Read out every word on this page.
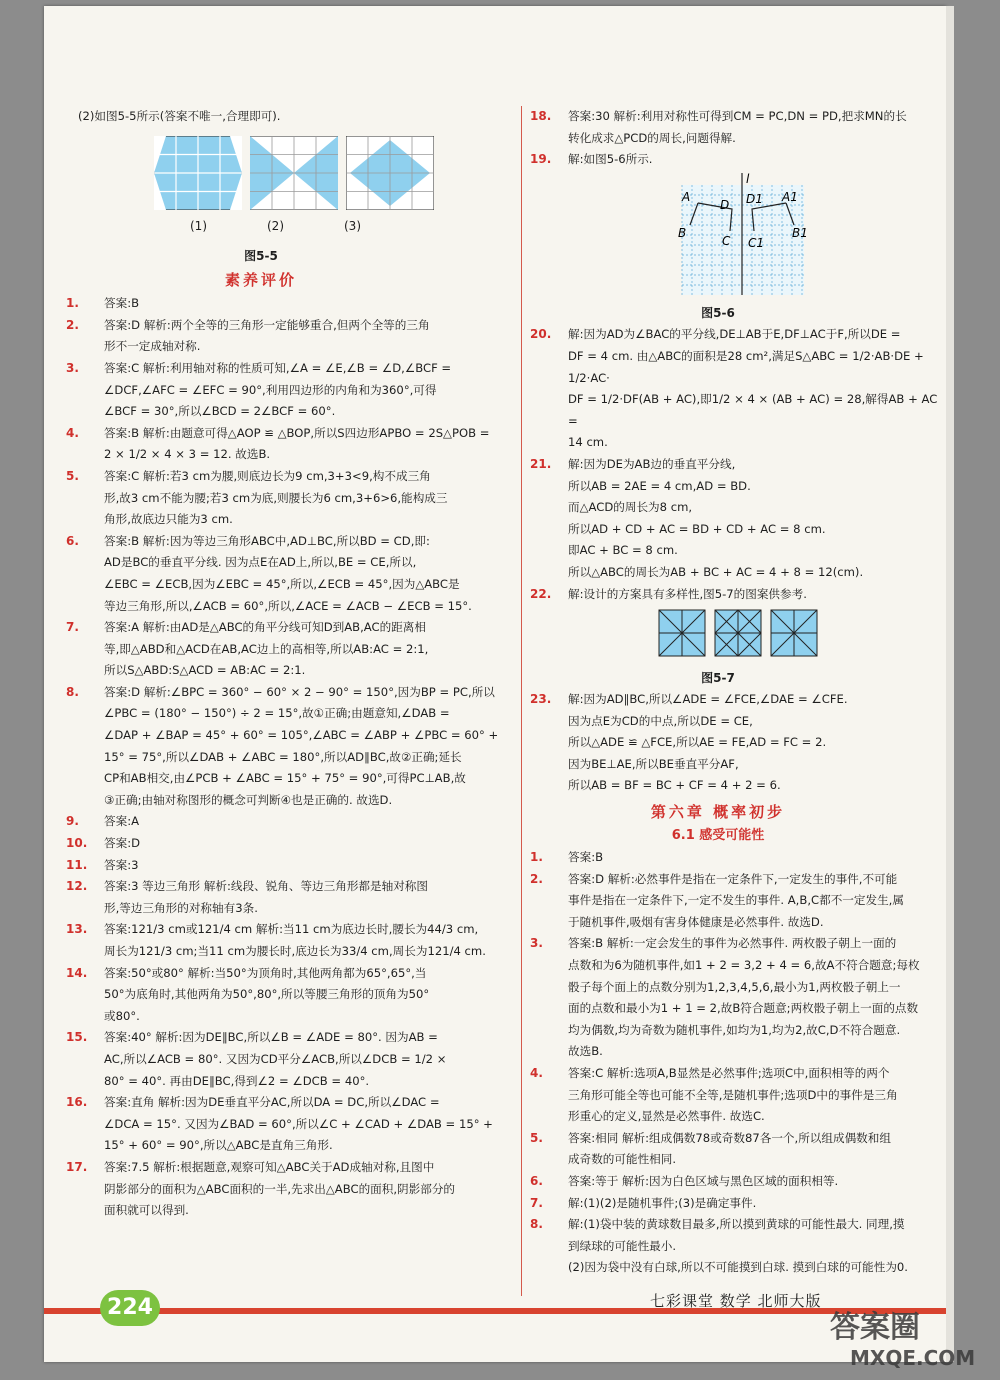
(2)如图5-5所示(答案不唯一,合理即可).
(1)	(2)	(3)
图5-5
素养评价
1. 答案:B
2. 答案:D 解析:两个全等的三角形一定能够重合,但两个全等的三角
形不一定成轴对称.
3. 答案:C 解析:利用轴对称的性质可知,∠A = ∠E,∠B = ∠D,∠BCF =
∠DCF,∠AFC = ∠EFC = 90°,利用四边形的内角和为360°,可得
∠BCF = 30°,所以∠BCD = 2∠BCF = 60°.
4. 答案:B 解析:由题意可得△AOP ≌ △BOP,所以S四边形APBO = 2S△POB =
2 × 1/2 × 4 × 3 = 12. 故选B.
5. 答案:C 解析:若3 cm为腰,则底边长为9 cm,3+3<9,构不成三角
形,故3 cm不能为腰;若3 cm为底,则腰长为6 cm,3+6>6,能构成三
角形,故底边只能为3 cm.
6. 答案:B 解析:因为等边三角形ABC中,AD⊥BC,所以BD = CD,即:
AD是BC的垂直平分线. 因为点E在AD上,所以,BE = CE,所以,
∠EBC = ∠ECB,因为∠EBC = 45°,所以,∠ECB = 45°,因为△ABC是
等边三角形,所以,∠ACB = 60°,所以,∠ACE = ∠ACB − ∠ECB = 15°.
7. 答案:A 解析:由AD是△ABC的角平分线可知D到AB,AC的距离相
等,即△ABD和△ACD在AB,AC边上的高相等,所以AB:AC = 2:1,
所以S△ABD:S△ACD = AB:AC = 2:1.
8. 答案:D 解析:∠BPC = 360° − 60° × 2 − 90° = 150°,因为BP = PC,所以
∠PBC = (180° − 150°) ÷ 2 = 15°,故①正确;由题意知,∠DAB =
∠DAP + ∠BAP = 45° + 60° = 105°,∠ABC = ∠ABP + ∠PBC = 60° +
15° = 75°,所以∠DAB + ∠ABC = 180°,所以AD∥BC,故②正确;延长
CP和AB相交,由∠PCB + ∠ABC = 15° + 75° = 90°,可得PC⊥AB,故
③正确;由轴对称图形的概念可判断④也是正确的. 故选D.
9. 答案:A
10. 答案:D
11. 答案:3
12. 答案:3 等边三角形 解析:线段、锐角、等边三角形都是轴对称图
形,等边三角形的对称轴有3条.
13. 答案:121/3 cm或121/4 cm 解析:当11 cm为底边长时,腰长为44/3 cm,
周长为121/3 cm;当11 cm为腰长时,底边长为33/4 cm,周长为121/4 cm.
14. 答案:50°或80° 解析:当50°为顶角时,其他两角都为65°,65°,当
50°为底角时,其他两角为50°,80°,所以等腰三角形的顶角为50°
或80°.
15. 答案:40° 解析:因为DE∥BC,所以∠B = ∠ADE = 80°. 因为AB =
AC,所以∠ACB = 80°. 又因为CD平分∠ACB,所以∠DCB = 1/2 ×
80° = 40°. 再由DE∥BC,得到∠2 = ∠DCB = 40°.
16. 答案:直角 解析:因为DE垂直平分AC,所以DA = DC,所以∠DAC =
∠DCA = 15°. 又因为∠BAD = 60°,所以∠C + ∠CAD + ∠DAB = 15° +
15° + 60° = 90°,所以△ABC是直角三角形.
17. 答案:7.5 解析:根据题意,观察可知△ABC关于AD成轴对称,且图中
阴影部分的面积为△ABC面积的一半,先求出△ABC的面积,阴影部分的
面积就可以得到.
18. 答案:30 解析:利用对称性可得到CM = PC,DN = PD,把求MN的长
转化成求△PCD的周长,问题得解.
19. 解:如图5-6所示.
l
A
D D1 A1
B
C C1
B1
图5-6
20. 解:因为AD为∠BAC的平分线,DE⊥AB于E,DF⊥AC于F,所以DE =
DF = 4 cm. 由△ABC的面积是28 cm²,满足S△ABC = 1/2·AB·DE + 1/2·AC·
DF = 1/2·DF(AB + AC),即1/2 × 4 × (AB + AC) = 28,解得AB + AC =
14 cm.
21. 解:因为DE为AB边的垂直平分线,
所以AB = 2AE = 4 cm,AD = BD.
而△ACD的周长为8 cm,
所以AD + CD + AC = BD + CD + AC = 8 cm.
即AC + BC = 8 cm.
所以△ABC的周长为AB + BC + AC = 4 + 8 = 12(cm).
22. 解:设计的方案具有多样性,图5-7的图案供参考.
图5-7
23. 解:因为AD∥BC,所以∠ADE = ∠FCE,∠DAE = ∠CFE.
因为点E为CD的中点,所以DE = CE,
所以△ADE ≌ △FCE,所以AE = FE,AD = FC = 2.
因为BE⊥AE,所以BE垂直平分AF,
所以AB = BF = BC + CF = 4 + 2 = 6.
第六章 概率初步
6.1 感受可能性
1. 答案:B
2. 答案:D 解析:必然事件是指在一定条件下,一定发生的事件,不可能
事件是指在一定条件下,一定不发生的事件. A,B,C都不一定发生,属
于随机事件,吸烟有害身体健康是必然事件. 故选D.
3. 答案:B 解析:一定会发生的事件为必然事件. 两枚骰子朝上一面的
点数和为6为随机事件,如1 + 2 = 3,2 + 4 = 6,故A不符合题意;每枚
骰子每个面上的点数分别为1,2,3,4,5,6,最小为1,两枚骰子朝上一
面的点数和最小为1 + 1 = 2,故B符合题意;两枚骰子朝上一面的点数
均为偶数,均为奇数为随机事件,如均为1,均为2,故C,D不符合题意.
故选B.
4. 答案:C 解析:选项A,B显然是必然事件;选项C中,面积相等的两个
三角形可能全等也可能不全等,是随机事件;选项D中的事件是三角
形重心的定义,显然是必然事件. 故选C.
5. 答案:相同 解析:组成偶数78或奇数87各一个,所以组成偶数和组
成奇数的可能性相同.
6. 答案:等于 解析:因为白色区域与黑色区域的面积相等.
7. 解:(1)(2)是随机事件;(3)是确定事件.
8. 解:(1)袋中装的黄球数目最多,所以摸到黄球的可能性最大. 同理,摸
到绿球的可能性最小.
(2)因为袋中没有白球,所以不可能摸到白球. 摸到白球的可能性为0.
224	七彩课堂 数学 北师大版
答案圈
MXQE.COM
